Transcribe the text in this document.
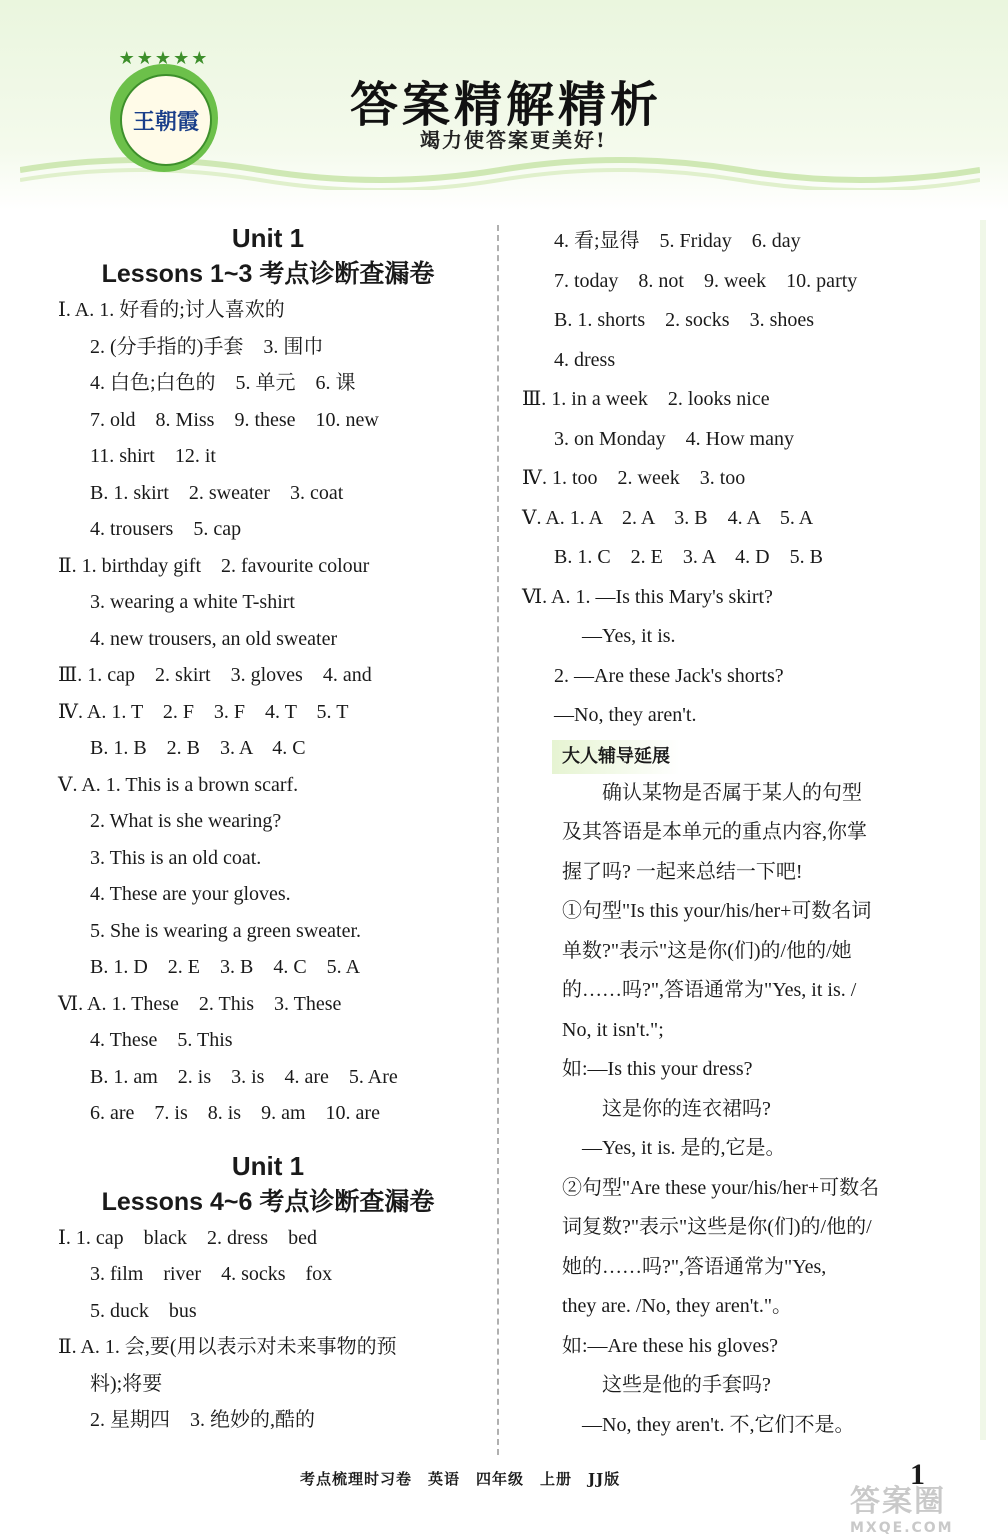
★★★★★
王朝霞	答案精解精析
竭力使答案更美好!
Unit 1
Lessons 1~3 考点诊断查漏卷
Ⅰ. A. 1. 好看的;讨人喜欢的
2. (分手指的)手套　3. 围巾
4. 白色;白色的　5. 单元　6. 课
7. old　8. Miss　9. these　10. new
11. shirt　12. it
B. 1. skirt　2. sweater　3. coat
4. trousers　5. cap
Ⅱ. 1. birthday gift　2. favourite colour
3. wearing a white T-shirt
4. new trousers, an old sweater
Ⅲ. 1. cap　2. skirt　3. gloves　4. and
Ⅳ. A. 1. T　2. F　3. F　4. T　5. T
B. 1. B　2. B　3. A　4. C
Ⅴ. A. 1. This is a brown scarf.
2. What is she wearing?
3. This is an old coat.
4. These are your gloves.
5. She is wearing a green sweater.
B. 1. D　2. E　3. B　4. C　5. A
Ⅵ. A. 1. These　2. This　3. These
4. These　5. This
B. 1. am　2. is　3. is　4. are　5. Are
6. are　7. is　8. is　9. am　10. are
Unit 1
Lessons 4~6 考点诊断查漏卷
Ⅰ. 1. cap　black　2. dress　bed
3. film　river　4. socks　fox
5. duck　bus
Ⅱ. A. 1. 会,要(用以表示对未来事物的预
料);将要
2. 星期四　3. 绝妙的,酷的
4. 看;显得　5. Friday　6. day
7. today　8. not　9. week　10. party
B. 1. shorts　2. socks　3. shoes
4. dress
Ⅲ. 1. in a week　2. looks nice
3. on Monday　4. How many
Ⅳ. 1. too　2. week　3. too
Ⅴ. A. 1. A　2. A　3. B　4. A　5. A
B. 1. C　2. E　3. A　4. D　5. B
Ⅵ. A. 1. —Is this Mary's skirt?
—Yes, it is.
2. —Are these Jack's shorts?
—No, they aren't.
大人辅导延展
　　确认某物是否属于某人的句型
及其答语是本单元的重点内容,你掌
握了吗? 一起来总结一下吧!
①句型"Is this your/his/her+可数名词
单数?"表示"这是你(们)的/他的/她
的……吗?",答语通常为"Yes, it is. /
No, it isn't.";
如:—Is this your dress?
　　这是你的连衣裙吗?
　—Yes, it is. 是的,它是。
②句型"Are these your/his/her+可数名
词复数?"表示"这些是你(们)的/他的/
她的……吗?",答语通常为"Yes,
they are. /No, they aren't."。
如:—Are these his gloves?
　　这些是他的手套吗?
　—No, they aren't. 不,它们不是。
考点梳理时习卷　英语　四年级　上册　JJ版	1
答案圈
MXQE.COM
